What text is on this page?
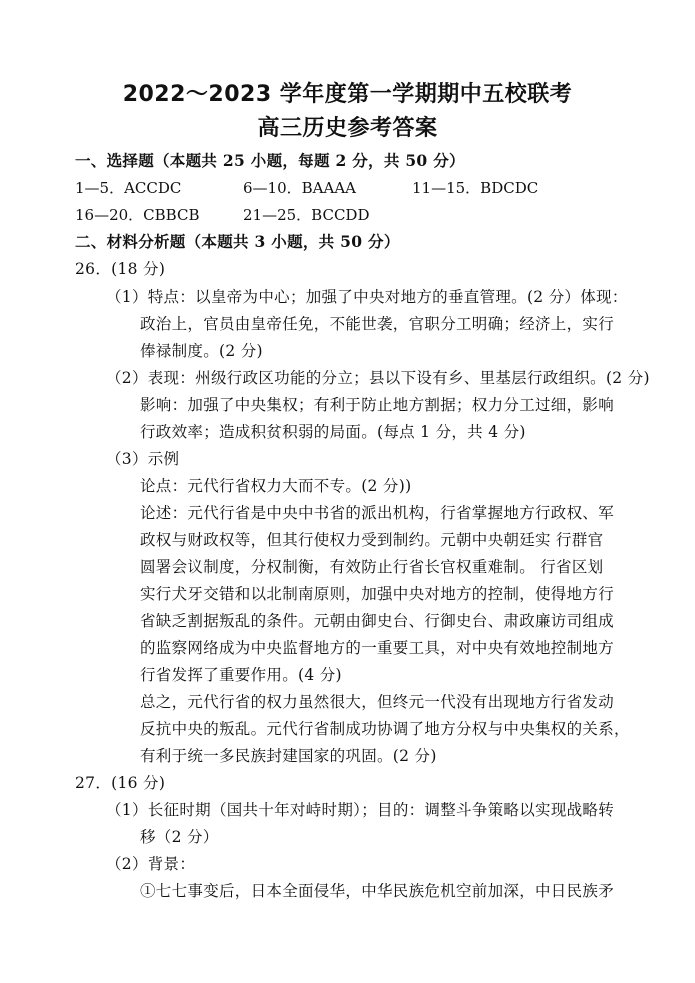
2022～2023 学年度第一学期期中五校联考
高三历史参考答案
一、选择题（本题共 25 小题，每题 2 分，共 50 分）
1—5．ACCDC	6—10．BAAAA	11—15．BDCDC
16—20．CBBCB	21—25．BCCDD
二、材料分析题（本题共 3 小题，共 50 分）
26．(18 分)
（1）特点：以皇帝为中心；加强了中央对地方的垂直管理。(2 分）体现：
政治上，官员由皇帝任免，不能世袭，官职分工明确；经济上，实行
俸禄制度。(2 分)
（2）表现：州级行政区功能的分立；县以下设有乡、里基层行政组织。(2 分)
影响：加强了中央集权；有利于防止地方割据；权力分工过细，影响
行政效率；造成积贫积弱的局面。(每点 1 分，共 4 分)
（3）示例
论点：元代行省权力大而不专。(2 分))
论述：元代行省是中央中书省的派出机构，行省掌握地方行政权、军
政权与财政权等，但其行使权力受到制约。元朝中央朝廷实 行群官
圆署会议制度，分权制衡，有效防止行省长官权重难制。 行省区划
实行犬牙交错和以北制南原则，加强中央对地方的控制，使得地方行
省缺乏割据叛乱的条件。元朝由御史台、行御史台、肃政廉访司组成
的监察网络成为中央监督地方的一重要工具，对中央有效地控制地方
行省发挥了重要作用。(4 分)
总之，元代行省的权力虽然很大，但终元一代没有出现地方行省发动
反抗中央的叛乱。元代行省制成功协调了地方分权与中央集权的关系，
有利于统一多民族封建国家的巩固。(2 分)
27．(16 分)
（1）长征时期（国共十年对峙时期）；目的：调整斗争策略以实现战略转
移（2 分）
（2）背景：
①七七事变后，日本全面侵华，中华民族危机空前加深，中日民族矛
